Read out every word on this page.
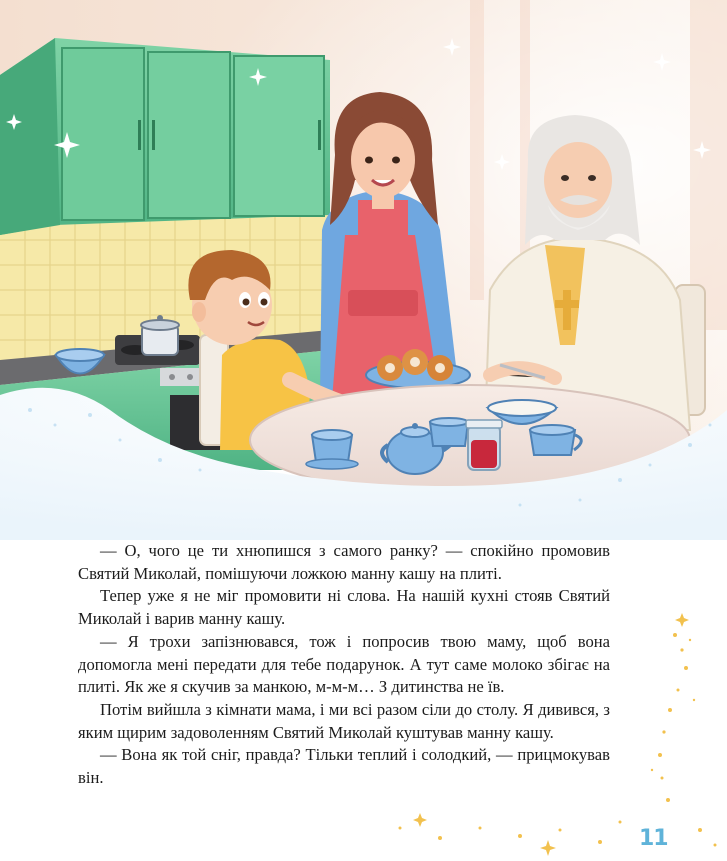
— О, чого це ти хнюпишся з самого ранку? — спокійно промовив Святий Миколай, помішуючи ложкою манну кашу на плиті.

Тепер уже я не міг промовити ні слова. На нашій кухні стояв Святий Миколай і варив манну кашу.

— Я трохи запізнювався, тож і попросив твою маму, щоб вона допомогла мені передати для тебе подарунок. А тут саме молоко збігає на плиті. Як же я скучив за манкою, м-м-м… З дитинства не їв.

Потім вийшла з кімнати мама, і ми всі разом сіли до столу. Я дивився, з яким щирим задоволенням Святий Миколай куштував манну кашу.

— Вона як той сніг, правда? Тільки теплий і солодкий, — прицмокував він.

11
